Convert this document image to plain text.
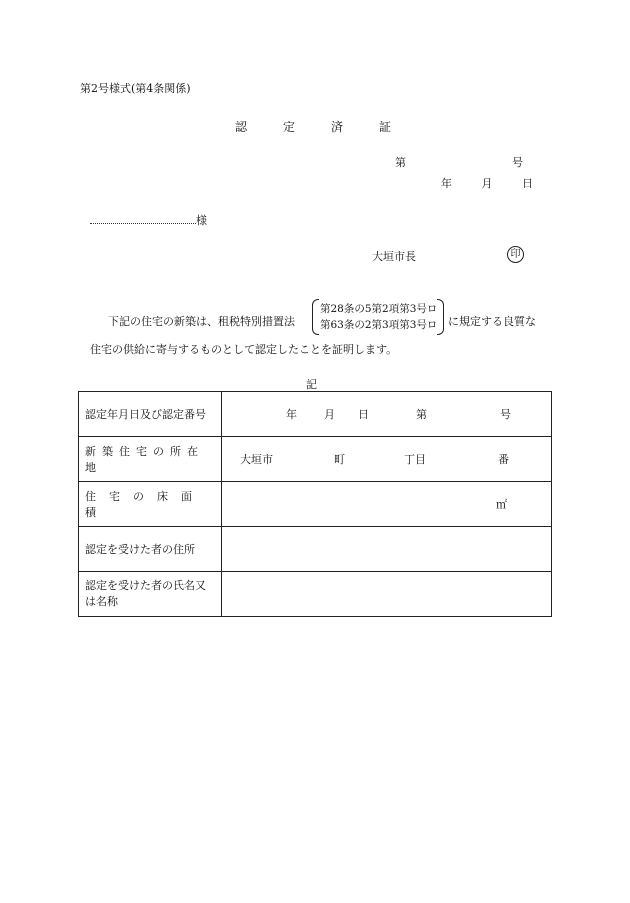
第2号様式(第4条関係)
認定済証
第	号
年 月 日
様
大垣市長	印
下記の住宅の新築は、租税特別措置法
第28条の5第2項第3号ロ
第63条の2第3項第3号ロ に規定する良質な
住宅の供給に寄与するものとして認定したことを証明します。
記
認定年月日及び認定番号	年 月 日 第 号

新築住宅の所在地	大垣市 町 丁目 番

住宅の床面積	㎡

認定を受けた者の住所	
認定を受けた者の氏名又は名称	
